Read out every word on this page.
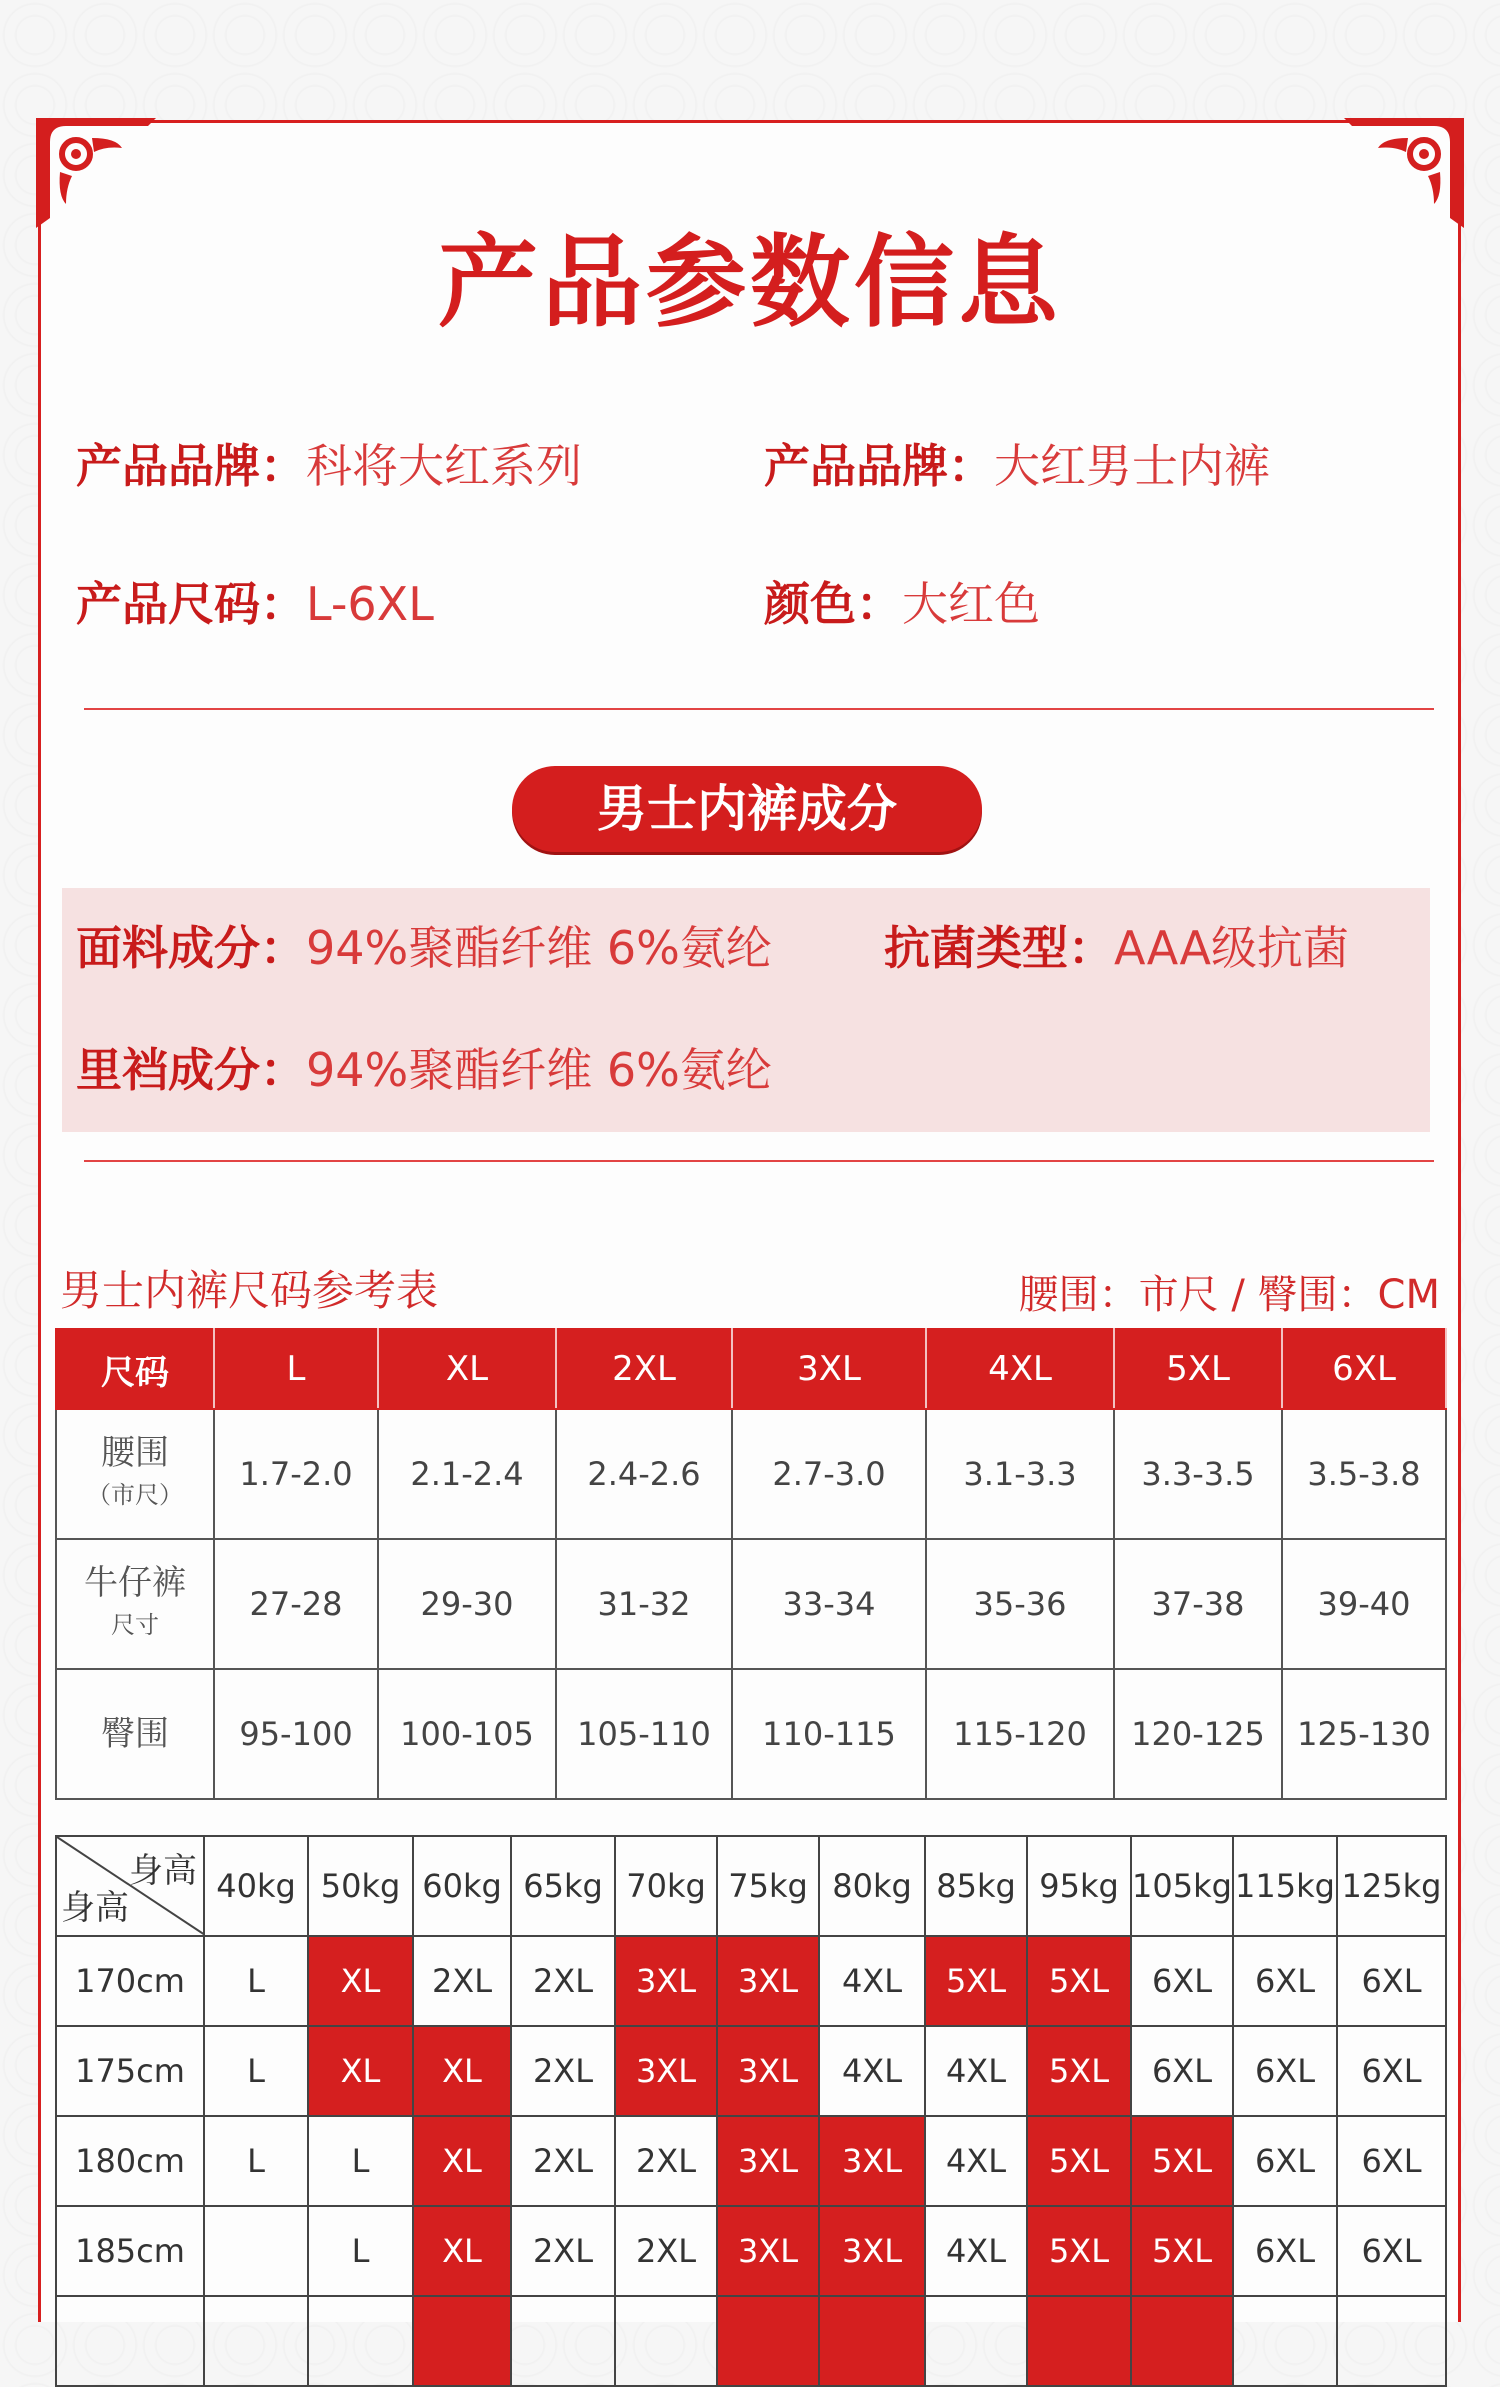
产品参数信息
产品品牌：科将大红系列	产品品牌：大红男士内裤
产品尺码：L-6XL	颜色：大红色
男士内裤成分
面料成分：94%聚酯纤维 6%氨纶 抗菌类型：AAA级抗菌
里裆成分：94%聚酯纤维 6%氨纶
男士内裤尺码参考表	腰围：市尺 / 臀围：CM
尺码	L	XL	2XL	3XL	4XL	5XL	6XL
腰围
（市尺）	1.7-2.0	2.1-2.4	2.4-2.6	2.7-3.0	3.1-3.3	3.3-3.5	3.5-3.8
牛仔裤
尺寸	27-28	29-30	31-32	33-34	35-36	37-38	39-40
臀围	95-100	100-105	105-110	110-115	115-120	120-125	125-130
身高
身高	40kg	50kg	60kg	65kg	70kg	75kg	80kg	85kg	95kg	105kg	115kg	125kg
170cm	L	XL	2XL	2XL	3XL	3XL	4XL	5XL	5XL	6XL	6XL	6XL
175cm	L	XL	XL	2XL	3XL	3XL	4XL	4XL	5XL	6XL	6XL	6XL
180cm	L	L	XL	2XL	2XL	3XL	3XL	4XL	5XL	5XL	6XL	6XL
185cm		L	XL	2XL	2XL	3XL	3XL	4XL	5XL	5XL	6XL	6XL
